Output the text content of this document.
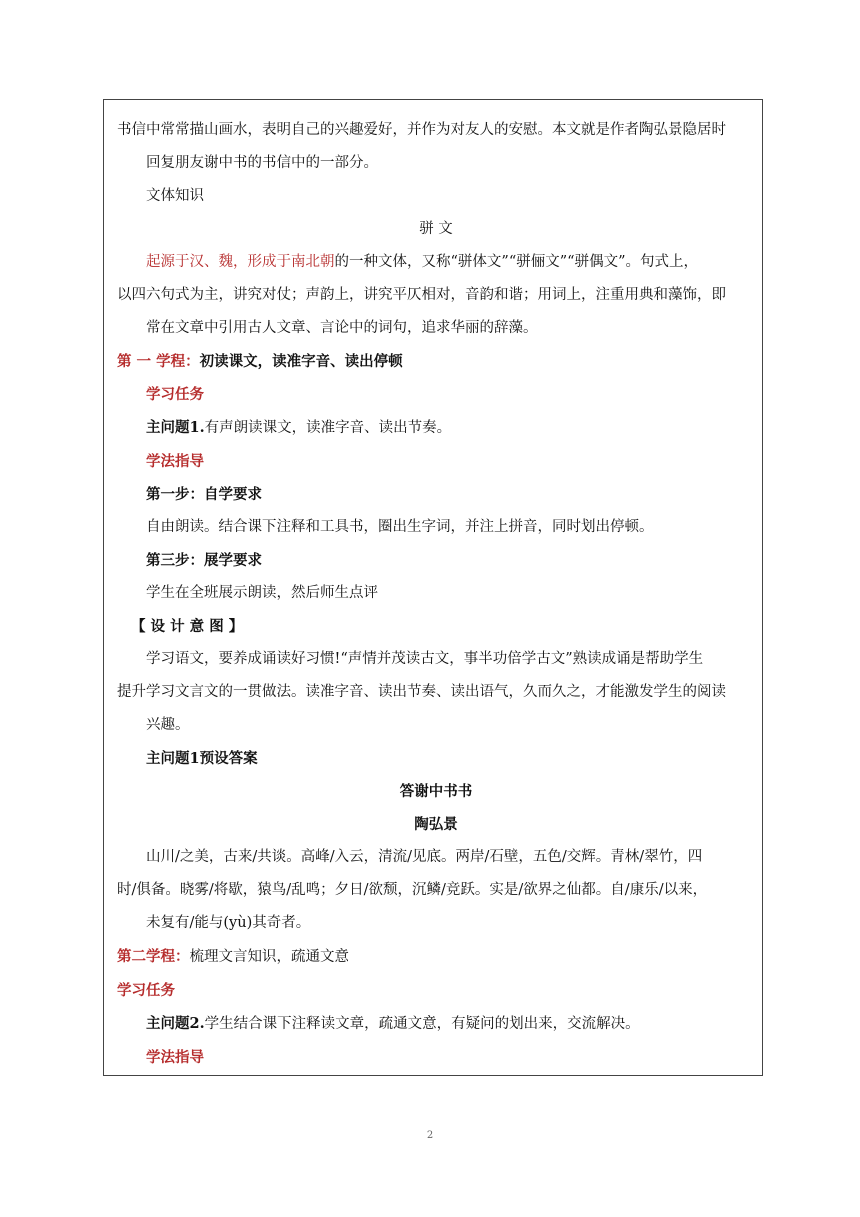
书信中常常描山画水，表明自己的兴趣爱好，并作为对友人的安慰。本文就是作者陶弘景隐居时

回复朋友谢中书的书信中的一部分。

文体知识

骈 文

起源于汉、魏，形成于南北朝的一种文体，又称“骈体文”“骈俪文”“骈偶文”。句式上，

以四六句式为主，讲究对仗；声韵上，讲究平仄相对，音韵和谐；用词上，注重用典和藻饰，即

常在文章中引用古人文章、言论中的词句，追求华丽的辞藻。

第 一 学程：初读课文，读准字音、读出停顿

学习任务

主问题1.有声朗读课文，读准字音、读出节奏。

学法指导

第一步：自学要求

自由朗读。结合课下注释和工具书，圈出生字词，并注上拼音，同时划出停顿。

第三步：展学要求

学生在全班展示朗读，然后师生点评

【 设 计 意 图 】

学习语文，要养成诵读好习惯!“声情并茂读古文，事半功倍学古文”熟读成诵是帮助学生

提升学习文言文的一贯做法。读准字音、读出节奏、读出语气，久而久之，才能激发学生的阅读

兴趣。

主问题1预设答案

答谢中书书

陶弘景

山川/之美，古来/共谈。高峰/入云，清流/见底。两岸/石壁，五色/交辉。青林/翠竹，四

时/俱备。晓雾/将歇，猿鸟/乱鸣；夕日/欲颓，沉鳞/竞跃。实是/欲界之仙都。自/康乐/以来，

未复有/能与(yù)其奇者。

第二学程：梳理文言知识，疏通文意

学习任务

主问题2.学生结合课下注释读文章，疏通文意，有疑问的划出来，交流解决。

学法指导

2
